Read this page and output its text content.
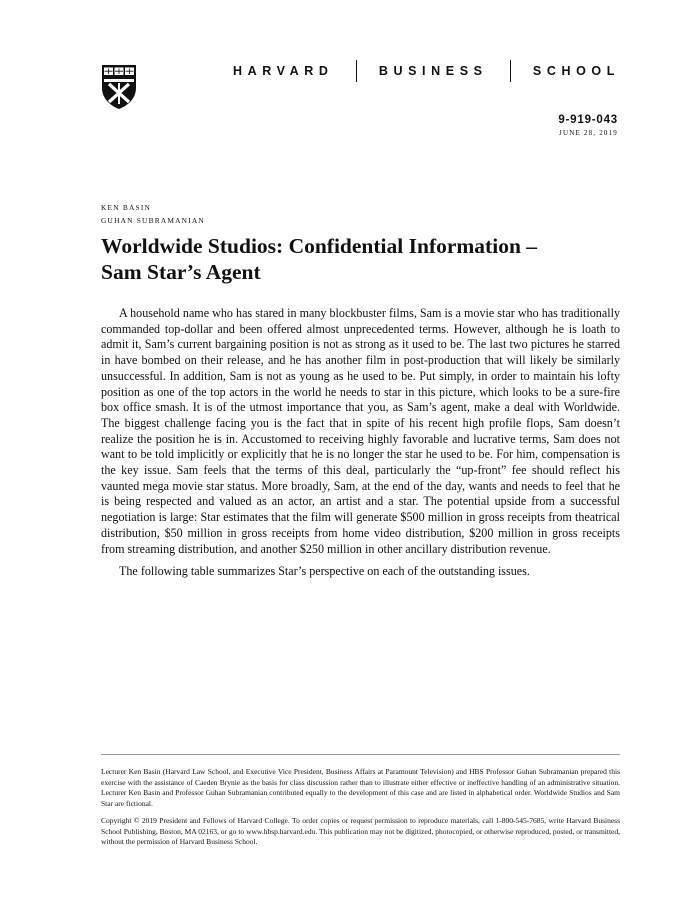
HARVARD	BUSINESS	SCHOOL
9-919-043
JUNE 28, 2019
KEN BASIN
GUHAN SUBRAMANIAN
Worldwide Studios: Confidential Information –
Sam Star’s Agent

A household name who has stared in many blockbuster films, Sam is a movie star who has traditionally commanded top-dollar and been offered almost unprecedented terms. However, although he is loath to admit it, Sam’s current bargaining position is not as strong as it used to be. The last two pictures he starred in have bombed on their release, and he has another film in post-production that will likely be similarly unsuccessful. In addition, Sam is not as young as he used to be. Put simply, in order to maintain his lofty position as one of the top actors in the world he needs to star in this picture, which looks to be a sure-fire box office smash. It is of the utmost importance that you, as Sam’s agent, make a deal with Worldwide. The biggest challenge facing you is the fact that in spite of his recent high profile flops, Sam doesn’t realize the position he is in. Accustomed to receiving highly favorable and lucrative terms, Sam does not want to be told implicitly or explicitly that he is no longer the star he used to be. For him, compensation is the key issue. Sam feels that the terms of this deal, particularly the “up-front” fee should reflect his vaunted mega movie star status. More broadly, Sam, at the end of the day, wants and needs to feel that he is being respected and valued as an actor, an artist and a star. The potential upside from a successful negotiation is large: Star estimates that the film will generate $500 million in gross receipts from theatrical distribution, $50 million in gross receipts from home video distribution, $200 million in gross receipts from streaming distribution, and another $250 million in other ancillary distribution revenue.

The following table summarizes Star’s perspective on each of the outstanding issues.

Lecturer Ken Basin (Harvard Law School, and Executive Vice President, Business Affairs at Paramount Television) and HBS Professor Guhan Subramanian prepared this exercise with the assistance of Caeden Brynie as the basis for class discussion rather than to illustrate either effective or ineffective handling of an administrative situation. Lecturer Ken Basin and Professor Guhan Subramanian contributed equally to the development of this case and are listed in alphabetical order. Worldwide Studios and Sam Star are fictional.

Copyright © 2019 President and Fellows of Harvard College. To order copies or request permission to reproduce materials, call 1-800-545-7685, write Harvard Business School Publishing, Boston, MA 02163, or go to www.hbsp.harvard.edu. This publication may not be digitized, photocopied, or otherwise reproduced, posted, or transmitted, without the permission of Harvard Business School.
